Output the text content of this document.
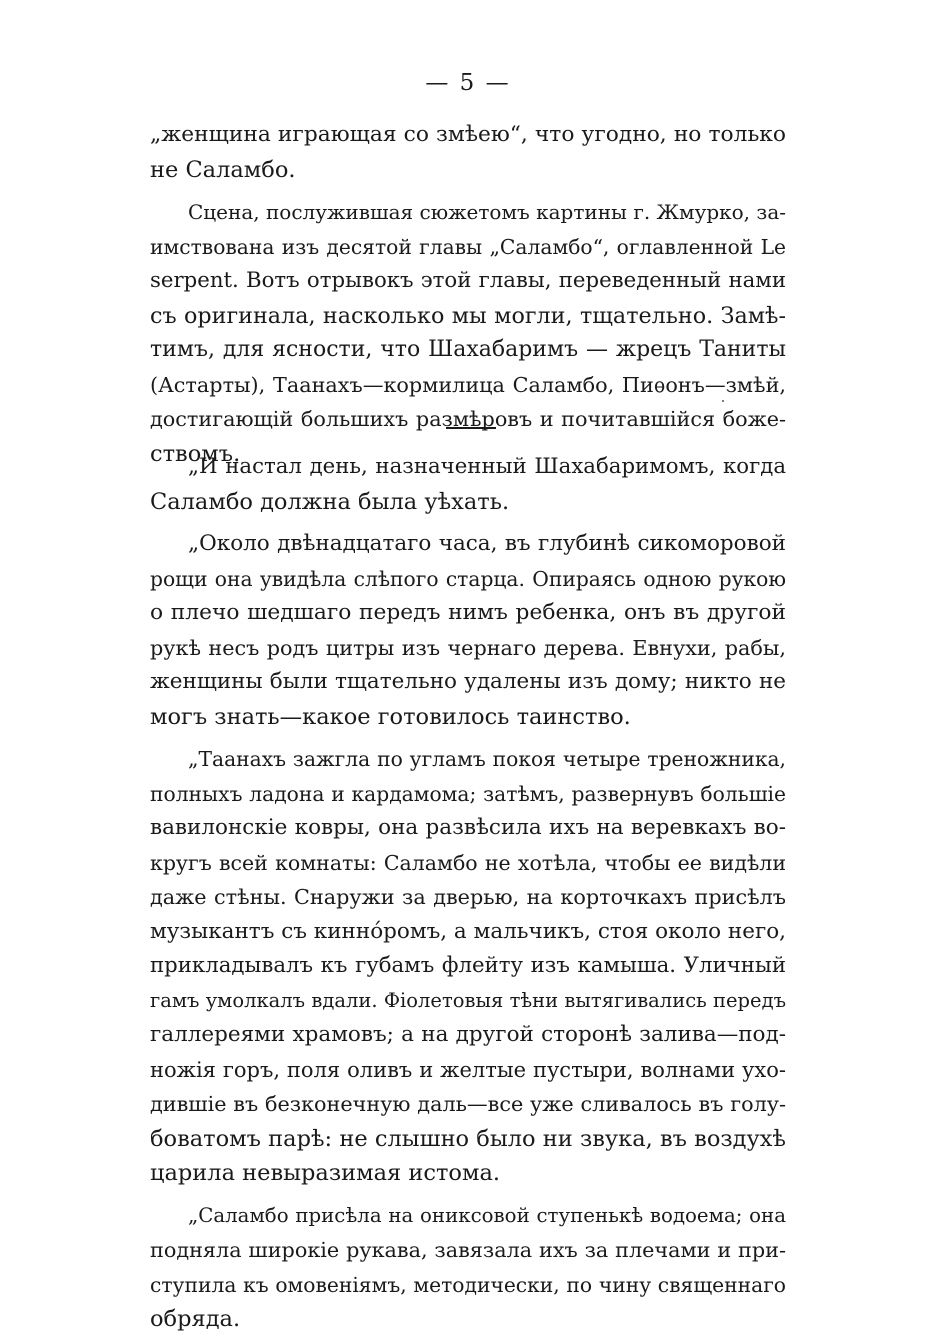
— 5 —

„женщина играющая со змѣею“, что угодно, но только
не Саламбо.

Сцена, послужившая сюжетомъ картины г. Жмурко, за-
имствована изъ десятой главы „Саламбо“, оглавленной Le
serpent. Вотъ отрывокъ этой главы, переведенный нами
съ оригинала, насколько мы могли, тщательно. Замѣ-
тимъ, для ясности, что Шахабаримъ — жрецъ Таниты
(Астарты), Таанахъ—кормилица Саламбо, Пиѳонъ—змѣй,
достигающій большихъ размѣровъ и почитавшійся боже-
ствомъ.

„И настал день, назначенный Шахабаримомъ, когда
Саламбо должна была уѣхать.

„Около двѣнадцатаго часа, въ глубинѣ сикоморовой
рощи она увидѣла слѣпого старца. Опираясь одною рукою
о плечо шедшаго передъ нимъ ребенка, онъ въ другой
рукѣ несъ родъ цитры изъ чернаго дерева. Евнухи, рабы,
женщины были тщательно удалены изъ дому; никто не
могъ знать—какое готовилось таинство.

„Таанахъ зажгла по угламъ покоя четыре треножника,
полныхъ ладона и кардамома; затѣмъ, развернувъ большіе
вавилонскіе ковры, она развѣсила ихъ на веревкахъ во-
кругъ всей комнаты: Саламбо не хотѣла, чтобы ее видѣли
даже стѣны. Снаружи за дверью, на корточкахъ присѣлъ
музыкантъ съ киннóромъ, а мальчикъ, стоя около него,
прикладывалъ къ губамъ флейту изъ камыша. Уличный
гамъ умолкалъ вдали. Фіолетовыя тѣни вытягивались передъ
галлереями храмовъ; а на другой сторонѣ залива—под-
ножія горъ, поля оливъ и желтые пустыри, волнами ухо-
дившіе въ безконечную даль—все уже сливалось въ голу-
боватомъ парѣ: не слышно было ни звука, въ воздухѣ
царила невыразимая истома.

„Саламбо присѣла на ониксовой ступенькѣ водоема; она
подняла широкіе рукава, завязала ихъ за плечами и при-
ступила къ омовеніямъ, методически, по чину священнаго
обряда.
